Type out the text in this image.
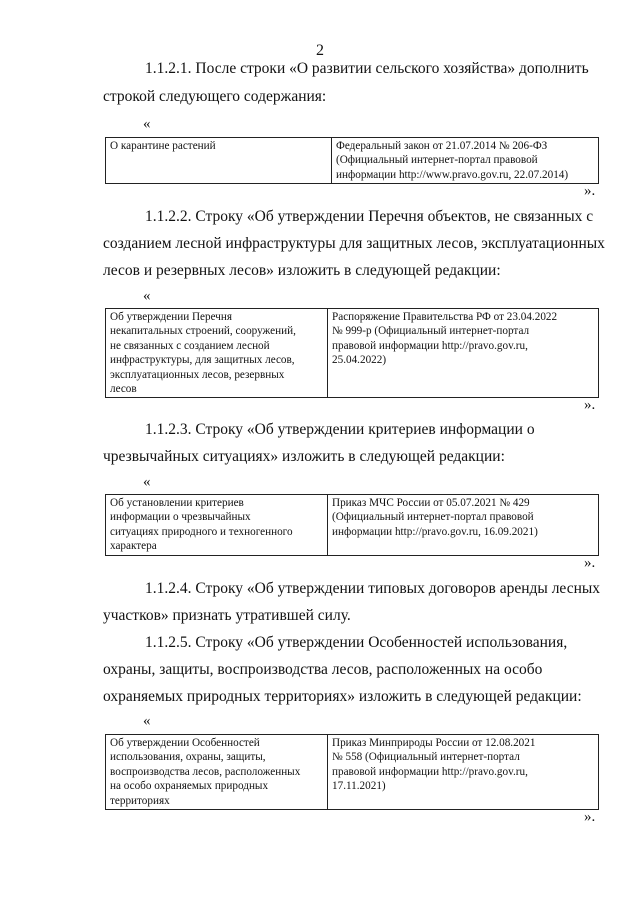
2
1.1.2.1. После строки «О развитии сельского хозяйства» дополнить
строкой следующего содержания:
«
О карантине растений	Федеральный закон от 21.07.2014 № 206-ФЗ
(Официальный интернет-портал правовой
информации http://www.pravo.gov.ru, 22.07.2014)
».
1.1.2.2. Строку «Об утверждении Перечня объектов, не связанных с
созданием лесной инфраструктуры для защитных лесов, эксплуатационных
лесов и резервных лесов» изложить в следующей редакции:
«
Об утверждении Перечня
некапитальных строений, сооружений,
не связанных с созданием лесной
инфраструктуры, для защитных лесов,
эксплуатационных лесов, резервных
лесов

Распоряжение Правительства РФ от 23.04.2022
№ 999-р (Официальный интернет-портал
правовой информации http://pravo.gov.ru,
25.04.2022)
».
1.1.2.3. Строку «Об утверждении критериев информации о
чрезвычайных ситуациях» изложить в следующей редакции:
«
Об установлении критериев
информации о чрезвычайных
ситуациях природного и техногенного
характера

Приказ МЧС России от 05.07.2021 № 429
(Официальный интернет-портал правовой
информации http://pravo.gov.ru, 16.09.2021)
».
1.1.2.4. Строку «Об утверждении типовых договоров аренды лесных
участков» признать утратившей силу.
1.1.2.5. Строку «Об утверждении Особенностей использования,
охраны, защиты, воспроизводства лесов, расположенных на особо
охраняемых природных территориях» изложить в следующей редакции:
«
Об утверждении Особенностей
использования, охраны, защиты,
воспроизводства лесов, расположенных
на особо охраняемых природных
территориях

Приказ Минприроды России от 12.08.2021
№ 558 (Официальный интернет-портал
правовой информации http://pravo.gov.ru,
17.11.2021)
».
